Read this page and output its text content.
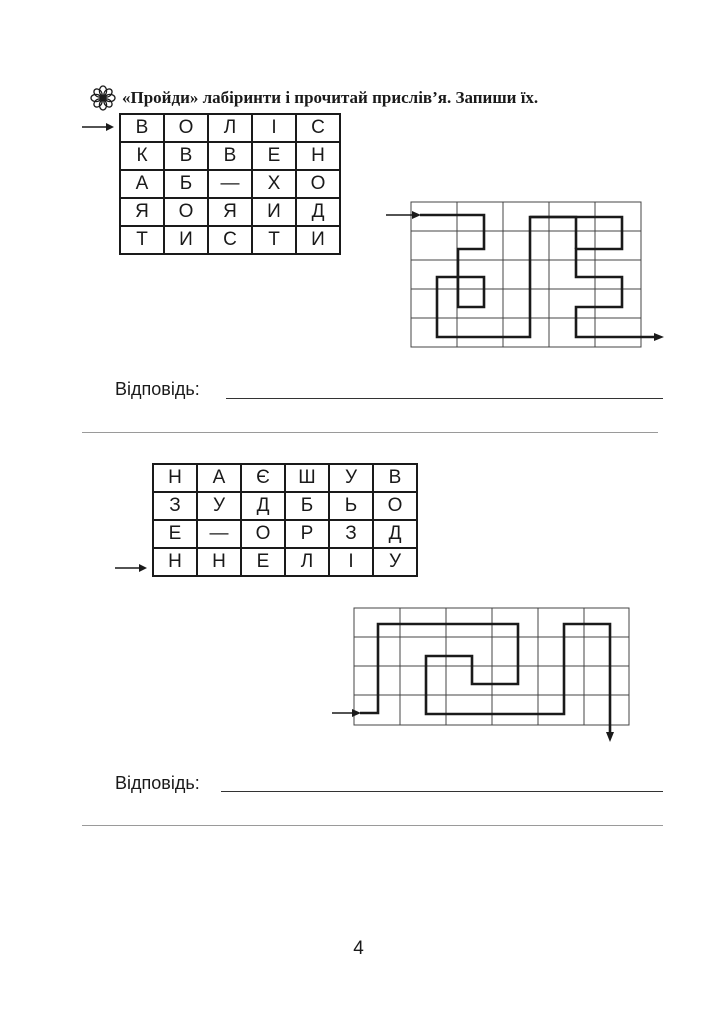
«Пройди» лабіринти і прочитай прислів’я. Запиши їх.
В	О	Л	І	С
К	В	В	Е	Н
А	Б	—	Х	О
Я	О	Я	И	Д
Т	И	С	Т	И
Відповідь:
Н	А	Є	Ш	У	В
З	У	Д	Б	Ь	О
Е	—	О	Р	З	Д
Н	Н	Е	Л	І	У
Відповідь:
4
